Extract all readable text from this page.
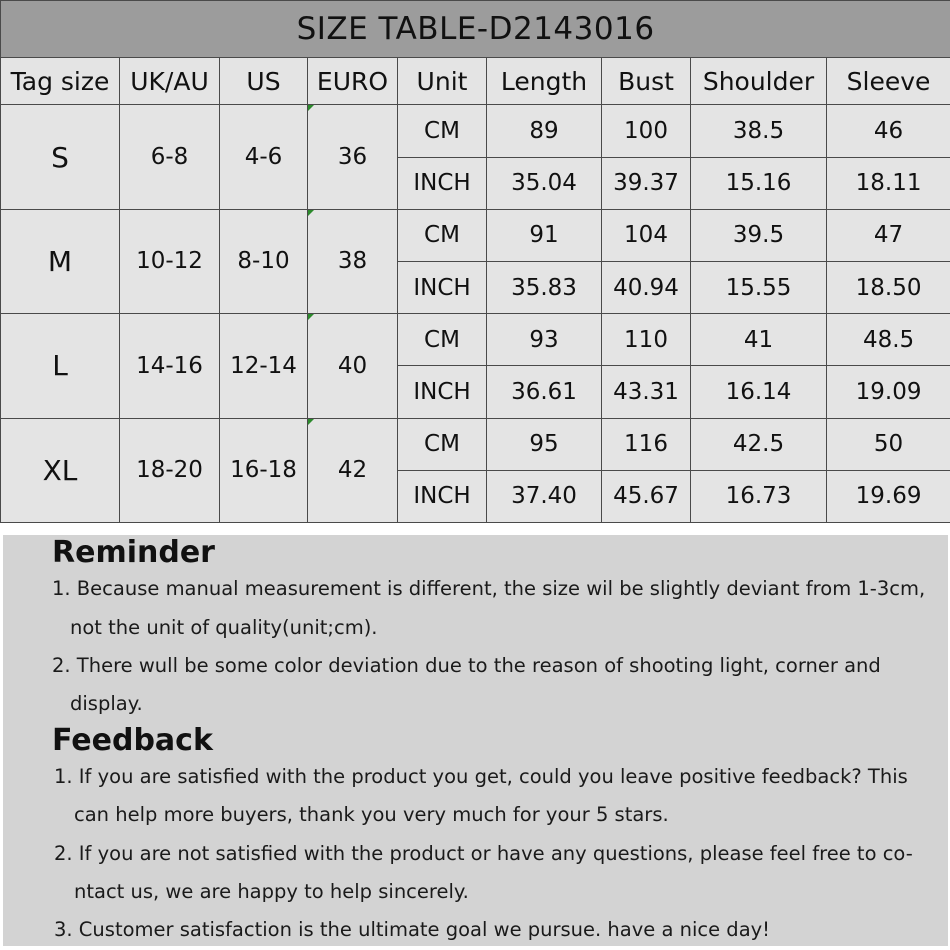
SIZE TABLE-D2143016								
Tag size	UK/AU	US	EURO	Unit	Length	Bust	Shoulder	Sleeve
S	6-8	4-6	36	CM	89	100	38.5	46
				INCH	35.04	39.37	15.16	18.11
M	10-12	8-10	38	CM	91	104	39.5	47
				INCH	35.83	40.94	15.55	18.50
L	14-16	12-14	40	CM	93	110	41	48.5
				INCH	36.61	43.31	16.14	19.09
XL	18-20	16-18	42	CM	95	116	42.5	50
				INCH	37.40	45.67	16.73	19.69
Reminder

1. Because manual measurement is different, the size wil be slightly deviant from 1-3cm,

not the unit of quality(unit;cm).

2. There wull be some color deviation due to the reason of shooting light, corner and

display.

Feedback

1. If you are satisfied with the product you get, could you leave positive feedback? This

can help more buyers, thank you very much for your 5 stars.

2. If you are not satisfied with the product or have any questions, please feel free to co-

ntact us, we are happy to help sincerely.

3. Customer satisfaction is the ultimate goal we pursue. have a nice day!
